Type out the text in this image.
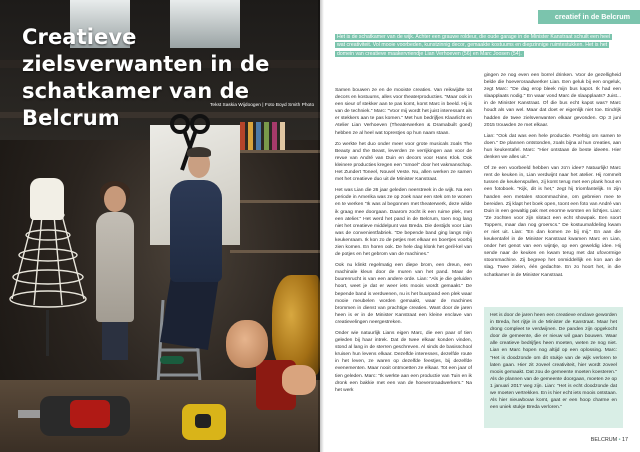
Creatieve zielsverwanten in de schatkamer van de Belcrum
Tekst Saskia Wijdoogen | Foto Boyd Smith Photo
creatief in de Belcrum
Het is de schatkamer van de wijk. Achter een grauwe roldeur, die oude garage in de Minister Kanstraat schuilt een heel wat creativiteit. Vol mooie voorbeden, kunstzinnig decor, gemaakte kostuums en diepzinnige ruimtestukken. Het is het domein van creatieve maakervriendje Lian Verhoeven (56) en Marc Joosen (54).

Samen bouwen ze en de mooiste creaties. Van reikwijdte tot decors en kostuums, alles voor theaterproducties. "Maar ook in een sieur of stekker aan te pas komt, komt Marc in beeld. Hij is van de techniek." Marc: "Voor mij wordt het juist interessant als er stekkers aan te pas komen." Met hun bedrijfjes Klaarlicht en Atelier Lian Verhoeven (Theaterwerken & Dramabuilt goed) hebben ze al heel wat toprestjes op hun naam staan.

Zo werkte het duo onder meer voor grote musicals zoals The Beauty and the Beast, leverden ze verrijkingen aan voor de revue van André van Duin en decors voor Hans Klok. Ook kleinere producties kregen een "smoel" door het vakmanschap. Het Zundert Toneel, Nouvel Veste. Nu, allen werken ze samen met het creatieve duo uit de Minister Kanstraat.

Het was Lian die 26 jaar geleden neerstreek in de wijk. Na een periode in Amerika was ze op zoek naar een stek om te wonen en te werken "Ik was al begonnen met theaterwerk, deze wilde ik graag mee doorgaan. Daarom zocht ik een ruime plek, met een atelier." Het werd het pand in de Belcrum, toen nog lang niet het creatieve middelpunt van Breda. Die destijds voor Lian was de convenientfabriek. "De bepende band ging langs mijn keukenraam. Ik kon zo de petjes met elkaar en boertjes voorbij zien komen. En horen ook. De hele dag klonk het geril-kel van de potjes en het gebrom van de machines."

Ook nu klinkt regelmatig een diepe brom, een dreun, een machinale kleun door de muren van het pand. Maar de buurenrucht is van een andere orde. Lian: "Als je die geluiden hoort, weet je dat er weer iets moois wordt gemaakt." De bepende band is verdwenen, nu is het buurpand een plek waar mooie meubelen worden gemaakt, waar de machines brommen in dienst van prachtige creaties. Want door de jaren heen is er in de Minister Kanstraat een kleine enclave van creatievelingen neergestreken.

Onder wie natuurlijk Lians eigen Marc, die een paar of tien geleden bij haar intrek. Dat de twee elkaar konden vinden, stond al lang in de sterren geschreven. Al sinds de basisschool kruisen hun levens elkaar. Dezelfde interesses, dezelfde route in het leven, ze waren op dezelfde feestjes, bij dezelfde evenementen. Maar nooit ontmoetten ze elkaar. Tot een jaar of tien geleden. Marc: "Ik werkte aan een productie van Tuin en ik dronk een bakkie met een van de hoeveroraadwerkers." Na het werk

gingen ze nog even een borrel drinken. Voor de gezelligheid belde die hoeveroraadwerker Lian. Een geluk bij een ongeluk, zegt Marc: "De dag erop bleek mijn bus kapot. Ik had een slaapplaats nodig." En waar vond Marc de slaapplaats? Juist... in de Minister Kanstraat. Of die bus echt kapot was? Marc houdt als van wel. Maar dat doet er eigenlijk niet toe. Eindrijk hadden de twee zielsverwanten elkaar gevonden. Op 3 juni 2015 trouwden ze met elkaar.

Lian: "Ook dat was een hele productie. Poehtig om samen te doen." De plannen ontstonden, zoals bijna al hun creaties, aan hun keukentafel. Marc: "Hier ontstaan de beste ideeën. Hier denken we alles uit."

Of ze een voorbeeld hebben van zo'n idee? Natuurlijk! Marc rent de keuken in, Lian verdwijnt naar het atelier. Hij rommelt tussen de keukenspullen, zij komt terug met een plank hout en een fotoboek. "Kijk, dit is het," zegt hij triomfantelijk. In zijn handen een metalen stoommachine, om gebreien mee te bereiden. Zij klapt het boek open, toont een foto van André van Duin in een gewaltig pak met enorme worsten en lichtjes. Lian: "Ze zochten voor zijn slotact een echt showpak. Een soort Toppers, maar dan nog groerscs." De kostuumafdeling kwam er niet uit. Lian: "En dan komen ze bij mij." En aan die keukentafel in de Minister Kanstraat kwamen Marc en Lian, onder het genot van een wijntje, op een geweldig idee. Hij sende naar de keuken en kwam terug met dat ufovormige stoommachine. Zij begreep het onmiddellijk en kon aan de slag. Twee zielen, één gedachte. En zo hoort het, in die schatkamer in de Minister Kanstraat.

Het is door de jaren heen een creatieve enclave geworden in Breda, het rijtje in de Minister de Kanstraat. Maar het drong compleet te verdwijnen. De panden zijn opgekocht door de gemeente, die er nieuw wil gaan bouwen. Waar alle creatieve bedrijfjes heen moeten, weten ze nog niet. Lian en Marc hopen nog altijd op een oplossing. Marc: "Het is doodzonde om dit stukje van de wijk verloren te laten gaan. Hier zit zoveel creativiteit, hier wordt zoveel moois gemaakt. Dat zou de gemeente moeten koesteren." Als de plannen van de gemeente doorgaan, moeten ze op 1 januari 2017 weg zijn. Lian: "Het is echt doodzonde dat we moeten vertrekken. En is hier echt iets moois ontstaan. Als hier nieuwbouw komt, gaat er een hoop charme en een uniek stukje Breda verloren."

BELCRUM • 17
